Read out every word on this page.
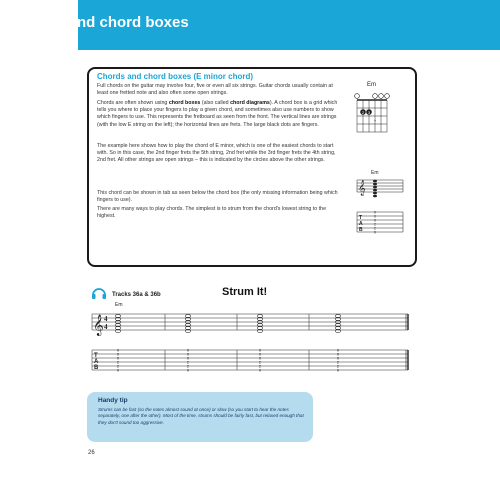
Chords and chord boxes
Chords and chord boxes (E minor chord)
Full chords on the guitar may involve four, five or even all six strings. Guitar chords usually contain at least one fretted note and also often some open strings.
Chords are often shown using chord boxes (also called chord diagrams). A chord box is a grid which tells you where to place your fingers to play a given chord, and sometimes also use numbers to show which fingers to use. This represents the fretboard as seen from the front. The vertical lines are strings (with the low E string on the left); the horizontal lines are frets. The large black dots are fingers.
The example here shows how to play the chord of E minor, which is one of the easiest chords to start with. So in this case, the 2nd finger frets the 5th string, 2nd fret while the 3rd finger frets the 4th string, 2nd fret. All other strings are open strings – this is indicated by the circles above the other strings.
This chord can be shown in tab as seen below the chord box (the only missing information being which fingers to use).
There are many ways to play chords. The simplest is to strum from the chord's lowest string to the highest.
Em
2 3
+
Em
𝄞
T
A
B
0
0
0
2
2
0
Tracks 36a & 36b	Strum It!
Em
𝄞 4
4
T
A
B
0
0
0
2
2
0
0
0
0
2
2
0
0
0
0
2
2
0
0
0
0
2
2
0
Handy tip
Strums can be fast (so the notes almost sound at once) or slow (so you start to hear the notes separately, one after the other). Most of the time, strums should be fairly fast, but relaxed enough that they don't sound too aggressive.
26
